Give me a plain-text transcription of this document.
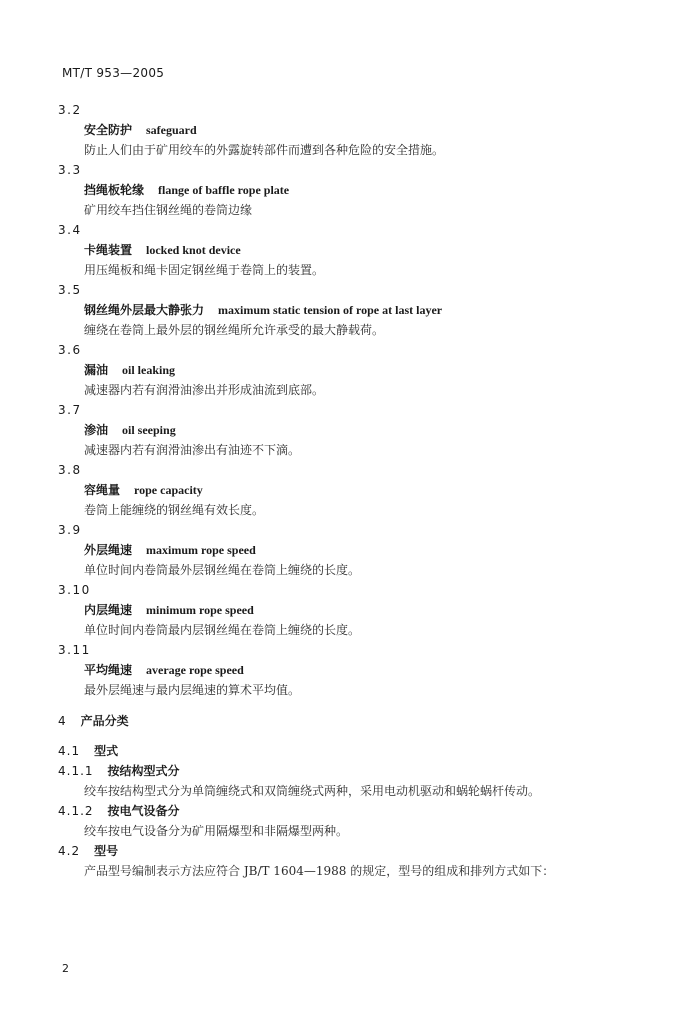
MT/T 953—2005
3.2
安全防护 safeguard
防止人们由于矿用绞车的外露旋转部件而遭到各种危险的安全措施。
3.3
挡绳板轮缘 flange of baffle rope plate
矿用绞车挡住钢丝绳的卷筒边缘
3.4
卡绳装置 locked knot device
用压绳板和绳卡固定钢丝绳于卷筒上的装置。
3.5
钢丝绳外层最大静张力 maximum static tension of rope at last layer
缠绕在卷筒上最外层的钢丝绳所允许承受的最大静载荷。
3.6
漏油 oil leaking
减速器内若有润滑油渗出并形成油流到底部。
3.7
渗油 oil seeping
减速器内若有润滑油渗出有油迹不下滴。
3.8
容绳量 rope capacity
卷筒上能缠绕的钢丝绳有效长度。
3.9
外层绳速 maximum rope speed
单位时间内卷筒最外层钢丝绳在卷筒上缠绕的长度。
3.10
内层绳速 minimum rope speed
单位时间内卷筒最内层钢丝绳在卷筒上缠绕的长度。
3.11
平均绳速 average rope speed
最外层绳速与最内层绳速的算术平均值。
4 产品分类
4.1 型式
4.1.1 按结构型式分
绞车按结构型式分为单筒缠绕式和双筒缠绕式两种，采用电动机驱动和蜗轮蜗杆传动。
4.1.2 按电气设备分
绞车按电气设备分为矿用隔爆型和非隔爆型两种。
4.2 型号
产品型号编制表示方法应符合 JB/T 1604—1988 的规定，型号的组成和排列方式如下：
2
